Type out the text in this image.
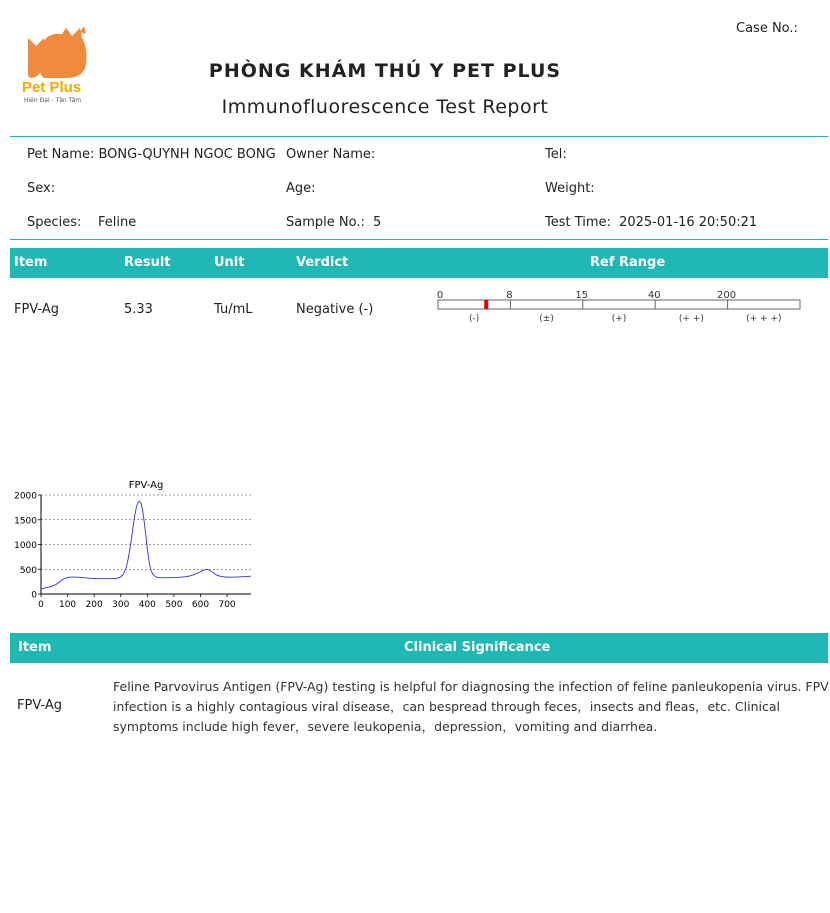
Case No.:
Pet Plus
Hiện Đại - Tận Tâm
PHÒNG KHÁM THÚ Y PET PLUS
Immunofluorescence Test Report
Pet Name: BONG-QUYNH NGOC BONG Owner Name:	Tel:
Sex:	Age:	Weight:
Species: Feline	Sample No.: 5	Test Time: 2025-01-16 20:50:21
Item	Result	Unit	Verdict	Ref Range
FPV-Ag	5.33	Tu/mL	Negative (-)
0	8	15	40	200
(-)	(±)	(+)	(+ +)	(+ + +)
FPV-Ag
0
500
1000
1500
2000
0 100 200 300 400 500 600 700
Item	Clinical Significance
FPV-Ag
Feline Parvovirus Antigen (FPV-Ag) testing is helpful for diagnosing the infection of feline panleukopenia virus. FPV infection is a highly contagious viral disease，can bespread through feces，insects and fleas，etc. Clinical symptoms include high fever，severe leukopenia，depression，vomiting and diarrhea.
